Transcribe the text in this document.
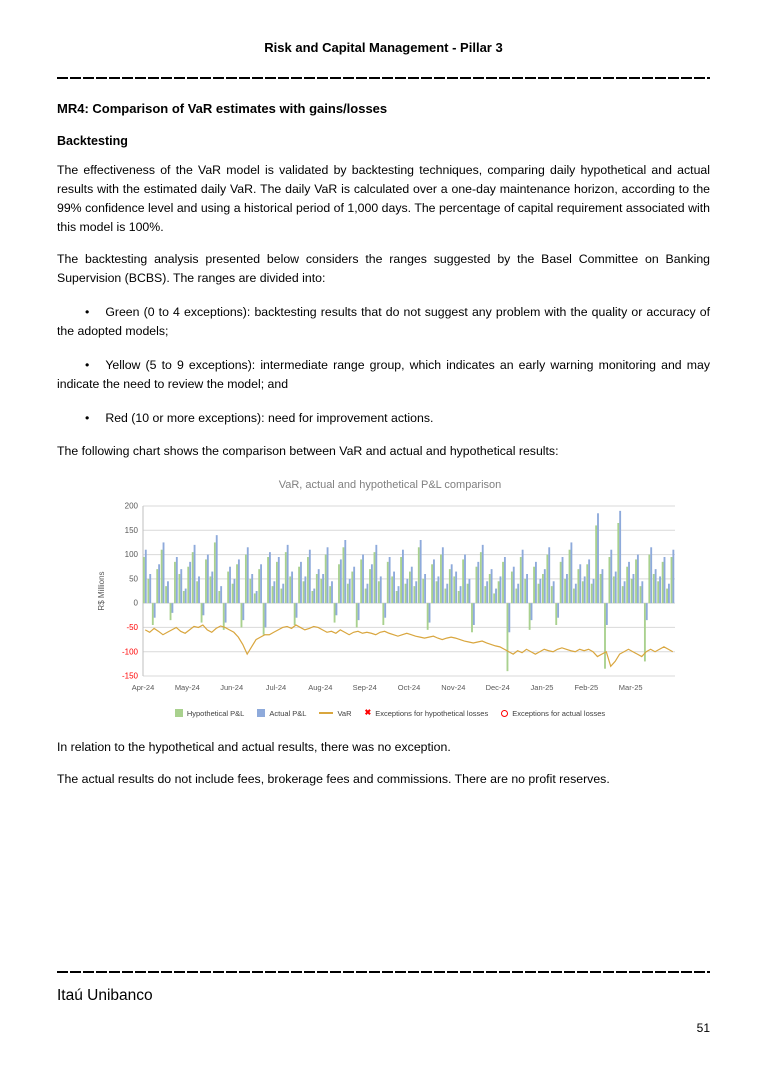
Risk and Capital Management - Pillar 3
MR4: Comparison of VaR estimates with gains/losses
Backtesting

The effectiveness of the VaR model is validated by backtesting techniques, comparing daily hypothetical and actual results with the estimated daily VaR. The daily VaR is calculated over a one-day maintenance horizon, according to the 99% confidence level and using a historical period of 1,000 days. The percentage of capital requirement associated with this model is 100%.

The backtesting analysis presented below considers the ranges suggested by the Basel Committee on Banking Supervision (BCBS). The ranges are divided into:

• Green (0 to 4 exceptions): backtesting results that do not suggest any problem with the quality or accuracy of the adopted models;

• Yellow (5 to 9 exceptions): intermediate range group, which indicates an early warning monitoring and may indicate the need to review the model; and

• Red (10 or more exceptions): need for improvement actions.

The following chart shows the comparison between VaR and actual and hypothetical results:

VaR, actual and hypothetical P&L comparison
200
150
100
50
0
-50
-100
-150
Apr-24	May-24	Jun-24	Jul-24	Aug-24	Sep-24	Oct-24	Nov-24	Dec-24	Jan-25	Feb-25	Mar-25
R$ Millions
Hypothetical P&L	Actual P&L	VaR ✖	Exceptions for hypothetical losses	Exceptions for actual losses

In relation to the hypothetical and actual results, there was no exception.

The actual results do not include fees, brokerage fees and commissions. There are no profit reserves.

Itaú Unibanco
51
